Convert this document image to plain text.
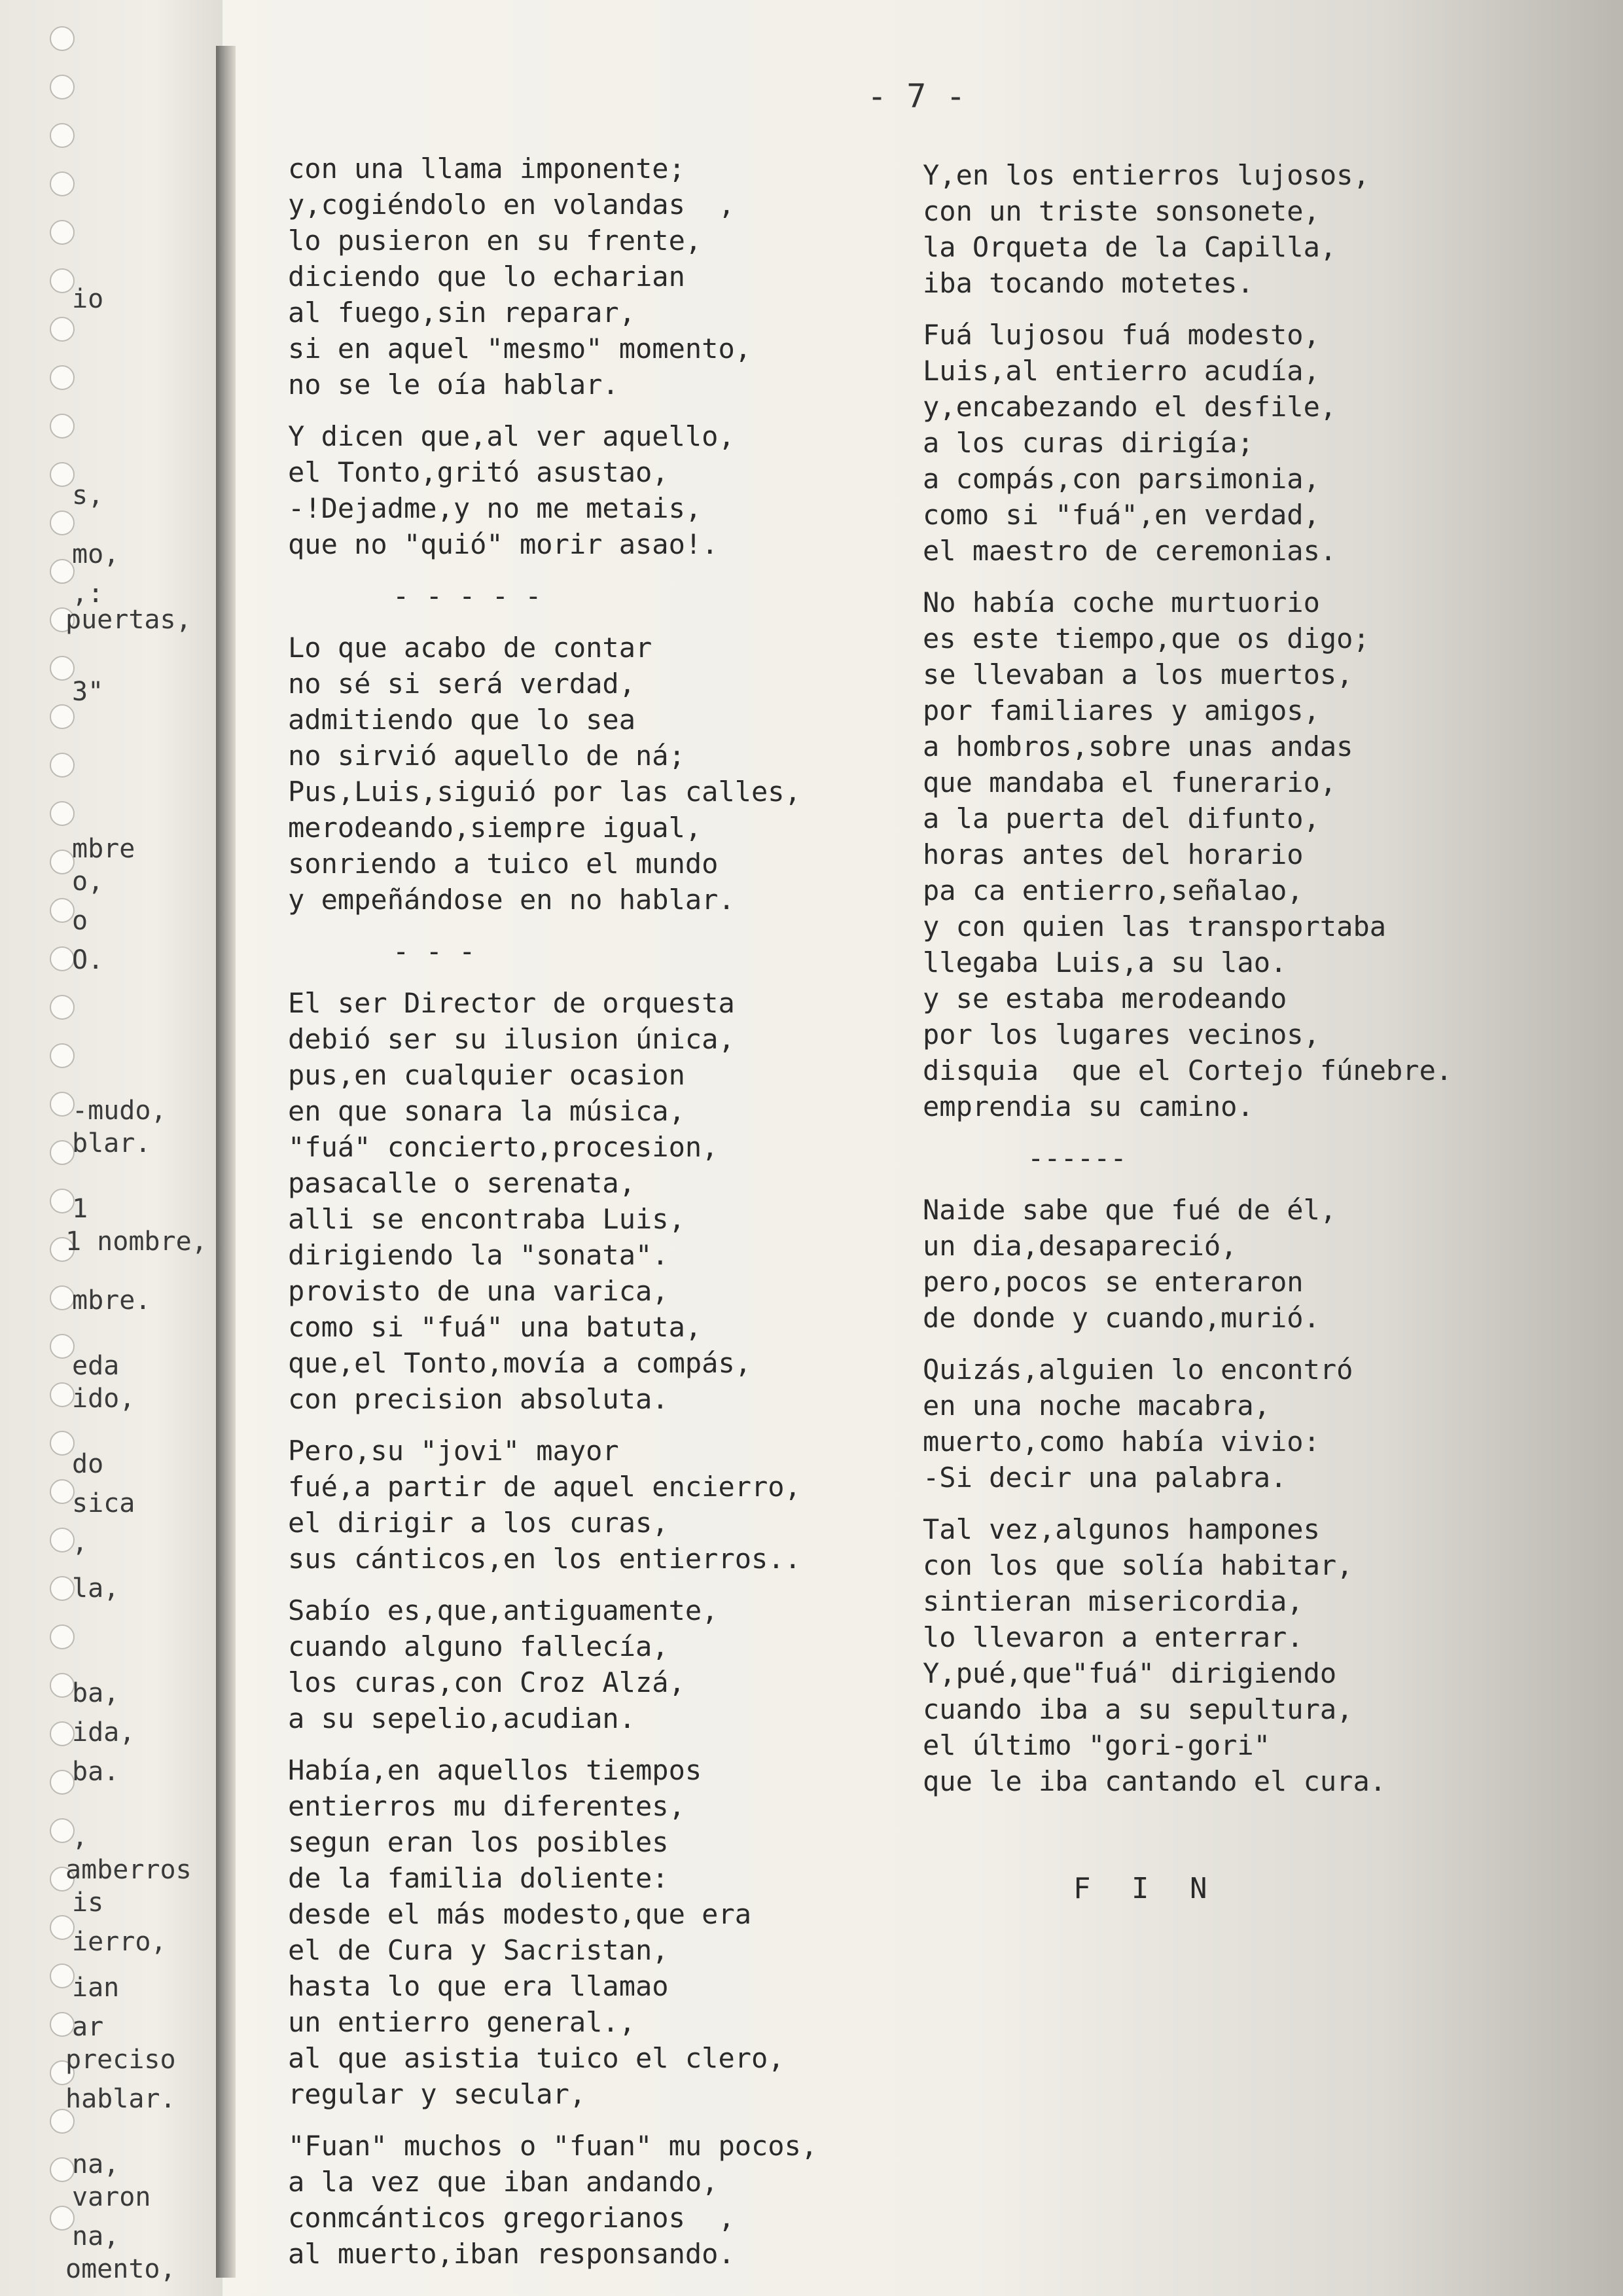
io
s,
mo,
,:
puertas,
3"
mbre
o,
o
O.
-mudo,
blar.
1
1 nombre,
mbre.
eda
ido,
do
sica
,
la,
ba,
ida,
ba.
,
amberros
is
ierro,
ian
ar
preciso
hablar.
na,
varon
na,
omento,
- 7 -
con una llama imponente;
y,cogiéndolo en volandas  ,
lo pusieron en su frente,
diciendo que lo echarian
al fuego,sin reparar,
si en aquel "mesmo" momento,
no se le oía hablar.
Y dicen que,al ver aquello,
el Tonto,gritó asustao,
-!Dejadme,y no me metais,
que no "quió" morir asao!.
- - - - -
Lo que acabo de contar
no sé si será verdad,
admitiendo que lo sea
no sirvió aquello de ná;
Pus,Luis,siguió por las calles,
merodeando,siempre igual,
sonriendo a tuico el mundo
y empeñándose en no hablar.
- - -
El ser Director de orquesta
debió ser su ilusion única,
pus,en cualquier ocasion
en que sonara la música,
"fuá" concierto,procesion,
pasacalle o serenata,
alli se encontraba Luis,
dirigiendo la "sonata".
provisto de una varica,
como si "fuá" una batuta,
que,el Tonto,movía a compás,
con precision absoluta.
Pero,su "jovi" mayor
fué,a partir de aquel encierro,
el dirigir a los curas,
sus cánticos,en los entierros..
Sabío es,que,antiguamente,
cuando alguno fallecía,
los curas,con Croz Alzá,
a su sepelio,acudian.
Había,en aquellos tiempos
entierros mu diferentes,
segun eran los posibles
de la familia doliente:
desde el más modesto,que era
el de Cura y Sacristan,
hasta lo que era llamao
un entierro general.,
al que asistia tuico el clero,
regular y secular,
"Fuan" muchos o "fuan" mu pocos,
a la vez que iban andando,
conmcánticos gregorianos  ,
al muerto,iban responsando.
Y,en los entierros lujosos,
con un triste sonsonete,
la Orqueta de la Capilla,
iba tocando motetes.
Fuá lujosou fuá modesto,
Luis,al entierro acudía,
y,encabezando el desfile,
a los curas dirigía;
a compás,con parsimonia,
como si "fuá",en verdad,
el maestro de ceremonias.
No había coche murtuorio
es este tiempo,que os digo;
se llevaban a los muertos,
por familiares y amigos,
a hombros,sobre unas andas
que mandaba el funerario,
a la puerta del difunto,
horas antes del horario
pa ca entierro,señalao,
y con quien las transportaba
llegaba Luis,a su lao.
y se estaba merodeando
por los lugares vecinos,
disquia  que el Cortejo fúnebre.
emprendia su camino.
------
Naide sabe que fué de él,
un dia,desapareció,
pero,pocos se enteraron
de donde y cuando,murió.
Quizás,alguien lo encontró
en una noche macabra,
muerto,como había vivio:
-Si decir una palabra.
Tal vez,algunos hampones
con los que solía habitar,
sintieran misericordia,
lo llevaron a enterrar.
Y,pué,que"fuá" dirigiendo
cuando iba a su sepultura,
el último "gori-gori"
que le iba cantando el cura.
F I N
